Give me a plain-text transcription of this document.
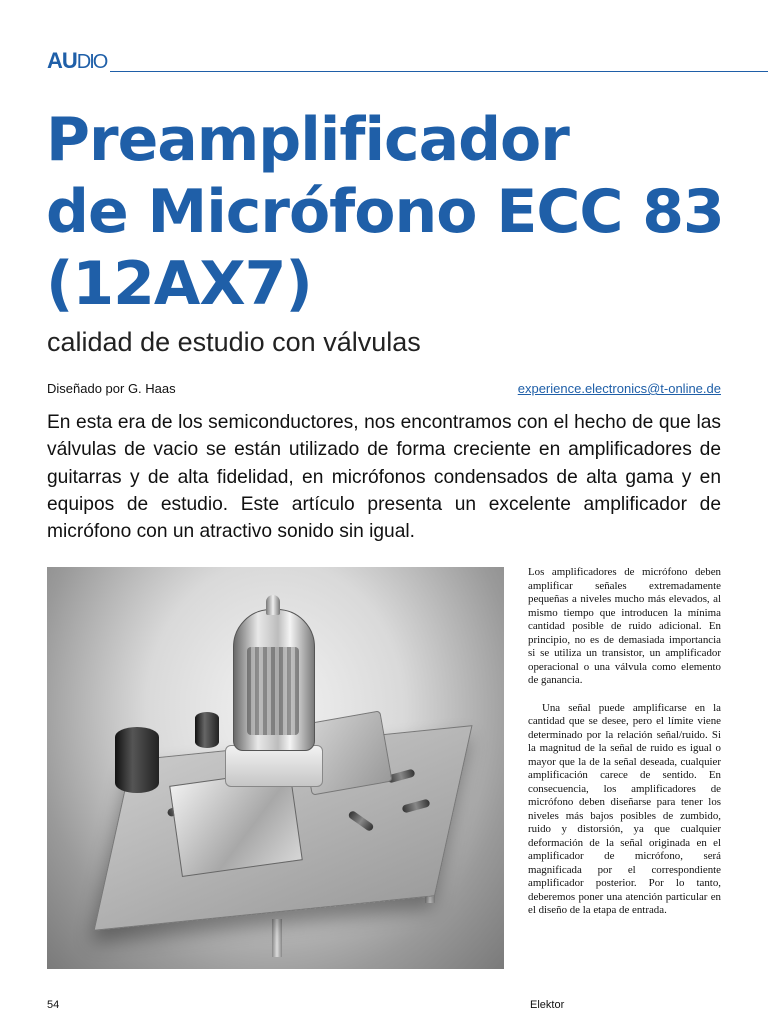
AUDIO
Preamplificador
de Micrófono ECC 83
(12AX7)
calidad de estudio con válvulas
Diseñado por G. Haas	experience.electronics@t-online.de
En esta era de los semiconductores, nos encontramos con el hecho de que las válvulas de vacio se están utilizado de forma creciente en amplificadores de guitarras y de alta fidelidad, en micrófonos condensados de alta gama y en equipos de estudio. Este artículo presenta un excelente amplificador de micrófono con un atractivo sonido sin igual.

Los amplificadores de micrófono deben amplificar señales extremadamente pequeñas a niveles mucho más elevados, al mismo tiempo que introducen la mínima cantidad posible de ruido adicional. En principio, no es de demasiada importancia si se utiliza un transistor, un amplificador operacional o una válvula como elemento de ganancia.

Una señal puede amplificarse en la cantidad que se desee, pero el límite viene determinado por la relación señal/ruido. Si la magnitud de la señal de ruido es igual o mayor que la de la señal deseada, cualquier amplificación carece de sentido. En consecuencia, los amplificadores de micrófono deben diseñarse para tener los niveles más bajos posibles de zumbido, ruido y distorsión, ya que cualquier deformación de la señal originada en el amplificador de micrófono, será magnificada por el correspondiente amplificador posterior. Por lo tanto, deberemos poner una atención particular en el diseño de la etapa de entrada.

54	Elektor
